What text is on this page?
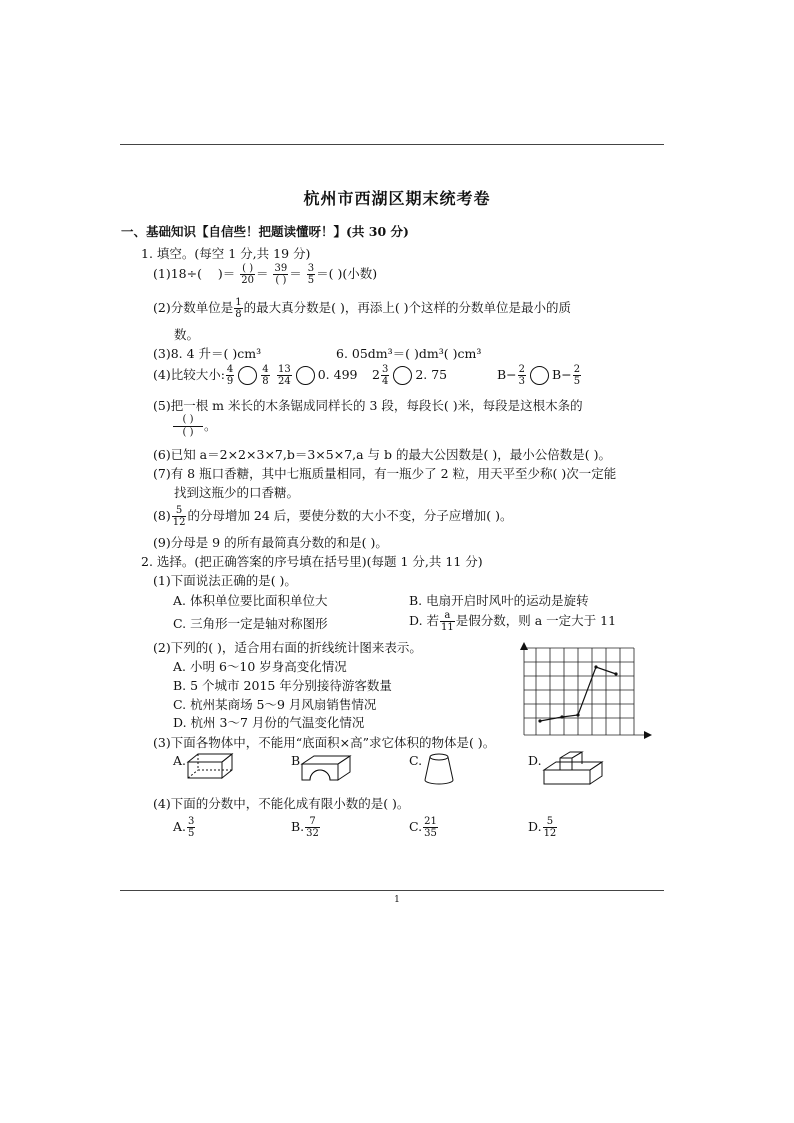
杭州市西湖区期末统考卷
一、基础知识【自信些！把题读懂呀！】(共 30 分)
1. 填空。(每空 1 分,共 19 分)
(1)18÷( )＝ $\frac{( )}{20} = \frac{39}{( )} = \frac{3}{5}$ ＝( )(小数)
(2)分数单位是 $\frac{1}{8}$ 的最大真分数是( )，再添上( )个这样的分数单位是最小的质
数。
(3)8. 4 升＝( )cm³	6. 05dm³＝( )dm³( )cm³
(4)比较大小: $\frac{4}{9}$	$\frac{4}{8} \frac{13}{24} 0$. 499 $2 \frac{3}{4} 2$. 75	$B- \frac{2}{3} B- \frac{2}{5}$
(5)把一根 m 米长的木条锯成同样长的 3 段，每段长( )米，每段是这根木条的
( )
( ) 。
(6)已知 a＝2×2×3×7,b＝3×5×7,a 与 b 的最大公因数是( )，最小公倍数是( )。
(7)有 8 瓶口香糖，其中七瓶质量相同，有一瓶少了 2 粒，用天平至少称( )次一定能
找到这瓶少的口香糖。
$(8) \frac{5}{12}$ 的分母增加 24 后，要使分数的大小不变，分子应增加( )。
(9)分母是 9 的所有最简真分数的和是( )。
2. 选择。(把正确答案的序号填在括号里)(每题 1 分,共 11 分)
(1)下面说法正确的是( )。
A. 体积单位要比面积单位大	B. 电扇开启时风叶的运动是旋转
C. 三角形一定是轴对称图形	D. 若 $\frac{a}{11}$ 是假分数，则 a 一定大于 11
(2)下列的( )，适合用右面的折线统计图来表示。
A. 小明 6～10 岁身高变化情况
B. 5 个城市 2015 年分别接待游客数量
C. 杭州某商场 5～9 月风扇销售情况
D. 杭州 3～7 月份的气温变化情况
(3)下面各物体中，不能用“底面积×高”求它体积的物体是( )。
A.	B.	C.	D.
(4)下面的分数中，不能化成有限小数的是( )。
A. $\frac{3}{5}$	B. $\frac{7}{32}$	C. $\frac{21}{35}$	D. $\frac{5}{12}$
1
